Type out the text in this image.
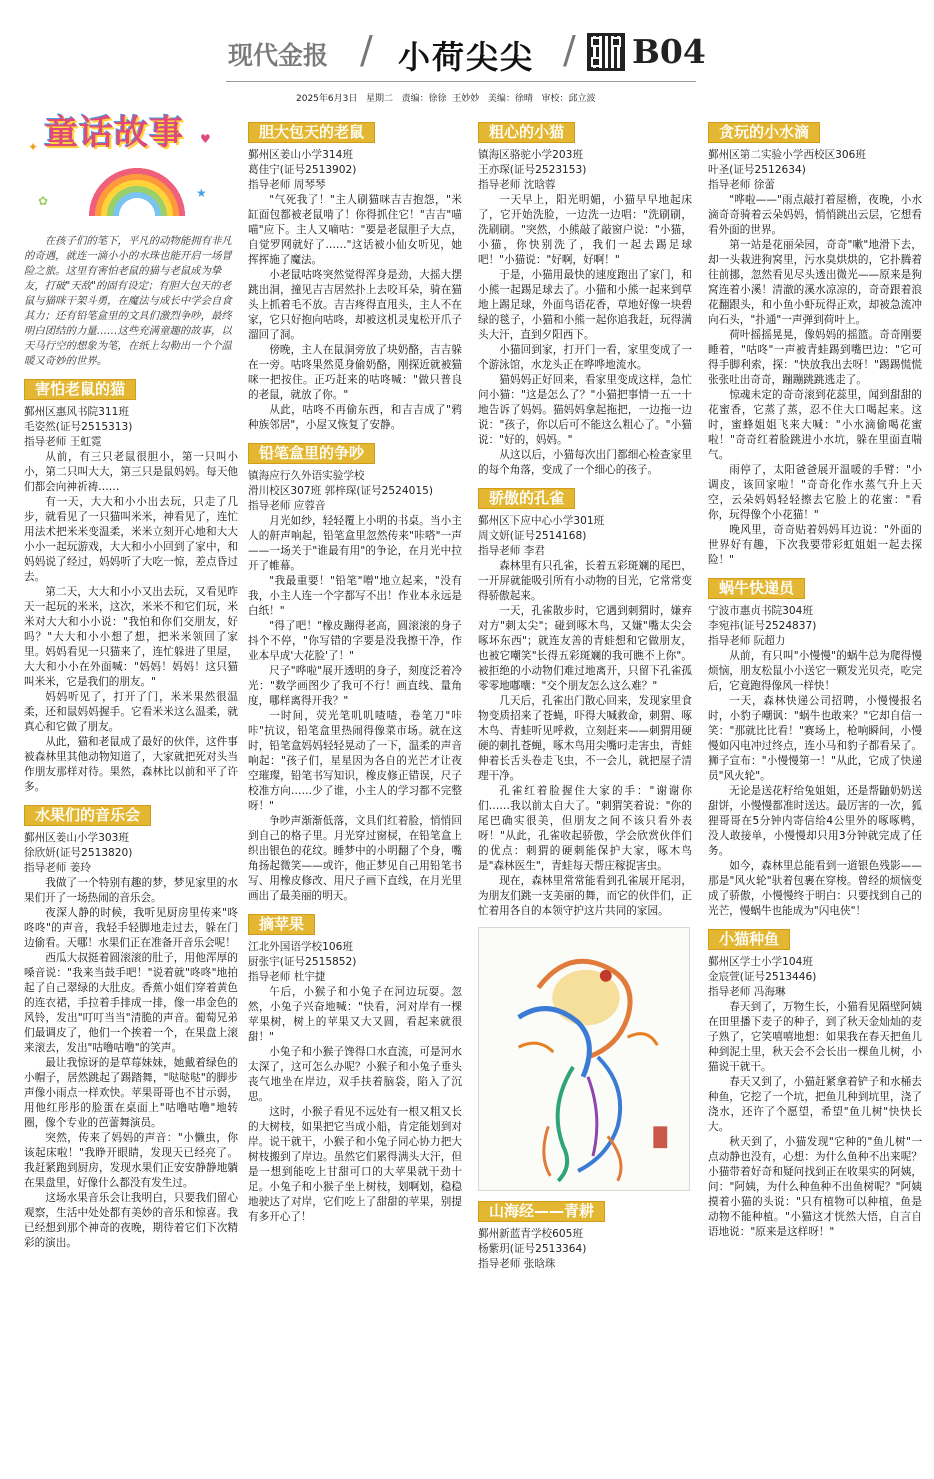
现代金报 / 小荷尖尖 / B04
2025年6月3日 星期二 责编：徐徐 王妙妙 美编：徐晴 审校：邱立波
童话故事
✦
♥
★
✿
在孩子们的笔下，平凡的动物能拥有非凡的奇遇，就连一滴小小的水珠也能开启一场冒险之旅。这里有害怕老鼠的猫与老鼠成为挚友，打破"天敌"的固有设定；有胆大包天的老鼠与猫咪干架斗勇，在魔法与成长中学会自食其力；还有铅笔盒里的文具们激烈争吵，最终明白团结的力量……这些充满童趣的故事，以天马行空的想象为笔，在纸上勾勒出一个个温暖又奇妙的世界。
害怕老鼠的猫
鄞州区惠风书院311班
毛姿然(证号2515313)
指导老师 王虹霓
从前，有三只老鼠很胆小，第一只叫小小，第二只叫大大，第三只是鼠妈妈。每天他们都会向神祈祷……
有一天，大大和小小出去玩，只走了几步，就看见了一只猫叫米米，神看见了，连忙用法术把米米变温柔，米米立刻开心地和大大小小一起玩游戏，大大和小小回到了家中，和妈妈说了经过，妈妈听了大吃一惊，差点昏过去。
第二天，大大和小小又出去玩，又看见昨天一起玩的米米，这次，米米不和它们玩，米米对大大和小小说："我怕和你们交朋友，好吗？"大大和小小想了想，把米米领回了家里。妈妈看见一只猫来了，连忙躲进了里屋，大大和小小在外面喊："妈妈！妈妈！这只猫叫米米，它是我们的朋友。"
妈妈听见了，打开了门，米米果然很温柔，还和鼠妈妈握手。它看米米这么温柔，就真心和它做了朋友。
从此，猫和老鼠成了最好的伙伴，这件事被森林里其他动物知道了，大家就把死对头当作朋友那样对待。果然，森林比以前和平了许多。
水果们的音乐会
鄞州区姜山小学303班
徐欣妍(证号2513820)
指导老师 姜玲
我做了一个特别有趣的梦，梦见家里的水果们开了一场热闹的音乐会。
夜深人静的时候，我听见厨房里传来"咚咚咚"的声音，我轻手轻脚地走过去，躲在门边偷看。天哪！水果们正在准备开音乐会呢！
西瓜大叔挺着圆滚滚的肚子，用他浑厚的嗓音说："我来当鼓手吧！"说着就"咚咚"地拍起了自己翠绿的大肚皮。香蕉小姐们穿着黄色的连衣裙，手拉着手排成一排，像一串金色的风铃，发出"叮叮当当"清脆的声音。葡萄兄弟们最调皮了，他们一个挨着一个，在果盘上滚来滚去，发出"咕噜咕噜"的笑声。
最让我惊讶的是草莓妹妹，她戴着绿色的小帽子，居然跳起了踢踏舞，"哒哒哒"的脚步声像小雨点一样欢快。苹果哥哥也不甘示弱，用他红彤彤的脸蛋在桌面上"咕噜咕噜"地转圈，像个专业的芭蕾舞演员。
突然，传来了妈妈的声音："小懒虫，你该起床啦！"我睁开眼睛，发现天已经亮了。我赶紧跑到厨房，发现水果们正安安静静地躺在果盘里，好像什么都没有发生过。
这场水果音乐会让我明白，只要我们留心观察，生活中处处都有美妙的音乐和惊喜。我已经想到那个神奇的夜晚，期待着它们下次精彩的演出。
胆大包天的老鼠
鄞州区姜山小学314班
葛佳宁(证号2513902)
指导老师 周琴琴
"气死我了！"主人刷猫咪吉吉抱怨，"米缸面包都被老鼠啃了！你得抓住它！"吉吉"喵喵"应下。主人又嘀咕："要是老鼠胆子大点，自觉罗网就好了……"这话被小仙女听见，她挥挥施了魔法。
小老鼠咕咚突然觉得浑身是劲，大摇大摆跳出洞，撞见吉吉居然扑上去咬耳朵，骑在猫头上抓着毛不放。吉吉疼得直甩头，主人不在家，它只好抱向咕咚，却被这机灵鬼松开爪子溜回了洞。
傍晚，主人在鼠洞旁放了块奶酪，吉吉躲在一旁。咕咚果然觅身偷奶酪，刚探近就被猫咪一把按住。正巧赶来的咕咚喊："做只普良的老鼠，就放了你。"
从此，咕咚不再偷东西，和吉吉成了"鸦种族邻居"，小屋又恢复了安静。
铅笔盒里的争吵
镇海应行久外语实验学校
滑川校区307班 郭梓琛(证号2524015)
指导老师 应蓉音
月光如纱，轻轻覆上小明的书桌。当小主人的鼾声响起，铅笔盒里忽然传来"咔嗒"一声——一场关于"谁最有用"的争论，在月光中拉开了帷幕。
"我最重要！"铅笔"噌"地立起来，"没有我，小主人连一个字都写不出！作业本永远是白纸！"
"得了吧！"橡皮蹦得老高，圆滚滚的身子抖个不停，"你写错的字要是没我擦干净，作业本早成'大花脸'了！"
尺子"哗啦"展开透明的身子，刻度泛着冷光："数学画图少了我可不行！画直线、量角度，哪样离得开我？"
一时间，荧光笔叽叽喳喳，卷笔刀"咔咔"抗议，铅笔盒里热闹得像菜市场。就在这时，铅笔盒妈妈轻轻晃动了一下，温柔的声音响起："孩子们，星星因为各自的光芒才让夜空璀璨，铅笔书写知识，橡皮修正错误，尺子校准方向……少了谁，小主人的学习都不完整呀！"
争吵声渐渐低落，文具们红着脸，悄悄回到自己的格子里。月光穿过窗棂，在铅笔盒上织出银色的花纹。睡梦中的小明翻了个身，嘴角扬起微笑——或许，他正梦见自己用铅笔书写、用橡皮修改、用尺子画下直线，在月光里画出了最美丽的明天。
摘苹果
江北外国语学校106班
厨张宇(证号2515852)
指导老师 杜宇捷
午后，小猴子和小兔子在河边玩耍。忽然，小兔子兴奋地喊："快看，河对岸有一棵苹果树，树上的苹果又大又圆，看起来就很甜！"
小兔子和小猴子馋得口水直流，可是河水太深了，这可怎么办呢？小猴子和小兔子垂头丧气地坐在岸边，双手扶着脑袋，陷入了沉思。
这时，小猴子看见不远处有一根又粗又长的大树枝，如果把它当成小船，肯定能划到对岸。说干就干，小猴子和小兔子同心协力把大树枝搬到了岸边。虽然它们累得满头大汗，但是一想到能吃上甘甜可口的大苹果就干劲十足。小兔子和小猴子坐上树枝，划啊划，稳稳地驶达了对岸，它们吃上了甜甜的苹果，别提有多开心了！
粗心的小猫
镇海区骆驼小学203班
王亦琛(证号2523153)
指导老师 沈晗蓉
一天早上，阳光明媚，小猫早早地起床了，它开始洗脸，一边洗一边唱："洗刷刷，洗刷刷。"突然，小熊敲了敲窗户说："小猫，小猫，你快别洗了，我们一起去踢足球吧！"小猫说："好啊，好啊！"
于是，小猫用最快的速度跑出了家门，和小熊一起踢足球去了。小猫和小熊一起来到草地上踢足球，外面鸟语花香，草地好像一块碧绿的毯子，小猫和小熊一起你追我赶，玩得满头大汗，直到夕阳西下。
小猫回到家，打开门一看，家里变成了一个游泳馆，水龙头正在哗哗地流水。
猫妈妈正好回来，看家里变成这样，急忙问小猫："这是怎么了？"小猫把事情一五一十地告诉了妈妈。猫妈妈拿起拖把，一边拖一边说："孩子，你以后可不能这么粗心了。"小猫说："好的，妈妈。"
从这以后，小猫每次出门都细心检查家里的每个角落，变成了一个细心的孩子。
骄傲的孔雀
鄞州区下应中心小学301班
周文妍(证号2514168)
指导老师 李君
森林里有只孔雀，长着五彩斑斓的尾巴，一开屏就能吸引所有小动物的目光，它常常变得骄傲起来。
一天，孔雀散步时，它遇到刺猬时，嫌弃对方"刺太尖"；碰到啄木鸟，又嫌"嘴太尖会啄坏东西"；就连友善的青蛙想和它做朋友，也被它嘲笑"长得五彩斑斓的我可瞧不上你"。被拒绝的小动物们难过地离开，只留下孔雀孤零零地嘟囔："交个朋友怎么这么难？"
几天后，孔雀出门散心回来，发现家里食物变质招来了苍蝇，吓得大喊救命，刺猬、啄木鸟、青蛙听见呼救，立刻赶来——刺猬用硬硬的刺扎苍蝇，啄木鸟用尖嘴叼走害虫，青蛙伸着长舌头卷走飞虫，不一会儿，就把屋子清理干净。
孔雀红着脸握住大家的手："谢谢你们……我以前太自大了。"刺猬笑着说："你的尾巴确实很美，但朋友之间不该只看外表呀！"从此，孔雀收起骄傲，学会欣赏伙伴们的优点：刺猬的硬刺能保护大家，啄木鸟是"森林医生"，青蛙每天帮庄稼捉害虫。
现在，森林里常常能看到孔雀展开尾羽，为朋友们跳一支美丽的舞，而它的伙伴们，正忙着用各自的本领守护这片共同的家园。
山海经——青耕
鄞州新蓝青学校605班
杨紫玥(证号2513364)
指导老师 张晗珠
贪玩的小水滴
鄞州区第二实验小学西校区306班
叶圣(证号2512634)
指导老师 徐蕾
"哗啦——"雨点敲打着屋檐，夜晚，小水滴奇奇骑着云朵妈妈，悄悄跳出云层，它想看看外面的世界。
第一站是花丽朵园，奇奇"嗽"地滑下去，却一头栽进狗窝里，污水臭烘烘的，它扑腾着往前挪，忽然看见尽头透出微光——原来是狗窝连着小溪！清澈的溪水凉凉的，奇奇跟着浪花翻跟头，和小鱼小虾玩得正欢，却被急流冲向石头，"扑通"一声弹到荷叶上。
荷叶摇摇晃晃，像妈妈的摇篮。奇奇刚要睡着，"咕咚"一声被青蛙踢到嘴巴边："它可得手脚利索，探："快放我出去呀！"踢踢慌慌张张吐出奇奇，蹦蹦跳跳逃走了。
惊魂未定的奇奇滚到花蕊里，闻到甜甜的花蜜香，它蒸了蒸，忍不住大口喝起来。这时，蜜蜂姐姐飞来大喊："小水滴偷喝花蜜啦！"奇奇红着脸跳进小水坑，躲在里面直喘气。
雨停了，太阳爸爸展开温暖的手臂："小调皮，该回家啦！"奇奇化作水蒸气升上天空，云朵妈妈轻轻擦去它脸上的花蜜："看你，玩得像个小花猫！"
晚风里，奇奇贴着妈妈耳边说："外面的世界好有趣，下次我要带彩虹姐姐一起去探险！"
蜗牛快递员
宁波市惠贞书院304班
李宛祎(证号2524837)
指导老师 阮超力
从前，有只叫"小慢慢"的蜗牛总为爬得慢烦恼，朋友松鼠小小送它一颗发光贝壳，吃完后，它竟跑得像风一样快！
一天，森林快递公司招聘，小慢慢报名时，小豹子嘲讽："蜗牛也敢来？"它却自信一笑："那就比比看！"赛场上，枪响瞬间，小慢慢如闪电冲过终点，连小马和豹子都看呆了。狮子宣布："小慢慢第一！"从此，它成了快递员"风火轮"。
无论是送花籽给兔姐姐，还是帮鼬奶奶送甜饼，小慢慢都准时送达。最厉害的一次，狐狸哥哥在5分钟内寄信给4公里外的啄啄鸭，没人敢接单，小慢慢却只用3分钟就完成了任务。
如今，森林里总能看到一道银色残影——那是"风火轮"驮着包裹在穿梭。曾经的烦恼变成了骄傲，小慢慢终于明白：只要找到自己的光芒，慢蜗牛也能成为"闪电侠"！
小猫种鱼
鄞州区学士小学104班
金宸萱(证号2513446)
指导老师 冯海琳
春天到了，万物生长，小猫看见隔壁阿姨在田里播下麦子的种子，到了秋天金灿灿的麦子熟了，它笑嘻嘻地想：如果我在春天把鱼儿种到泥土里，秋天会不会长出一棵鱼儿树，小猫说干就干。
春天又到了，小猫赶紧拿着铲子和水桶去种鱼，它挖了一个坑，把鱼儿种到坑里，浇了浇水，还许了个愿望，希望"鱼儿树"快快长大。
秋天到了，小猫发现"它种的"鱼儿树"一点动静也没有，心想：为什么鱼种不出来呢？小猫带着好奇和疑问找到正在收果实的阿姨，问："阿姨，为什么种鱼种不出鱼树呢？"阿姨摸着小猫的头说："只有植物可以种植，鱼是动物不能种植。"小猫这才恍然大悟，自言自语地说："原来是这样呀！"
